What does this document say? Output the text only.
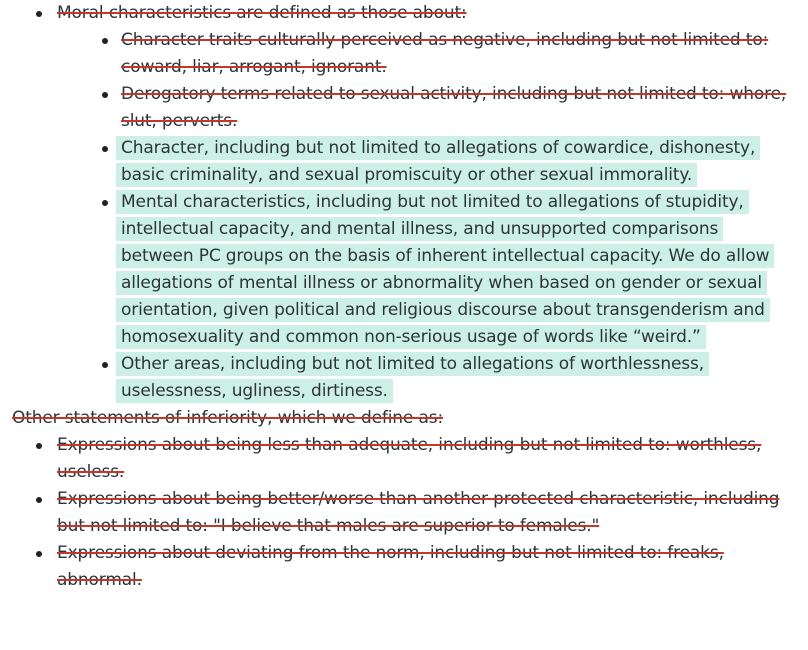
Moral characteristics are defined as those about:
Character traits culturally perceived as negative, including but not limited to: coward, liar, arrogant, ignorant.
Derogatory terms related to sexual activity, including but not limited to: whore, slut, perverts.
Character, including but not limited to allegations of cowardice, dishonesty, basic criminality, and sexual promiscuity or other sexual immorality.
Mental characteristics, including but not limited to allegations of stupidity, intellectual capacity, and mental illness, and unsupported comparisons between PC groups on the basis of inherent intellectual capacity. We do allow allegations of mental illness or abnormality when based on gender or sexual orientation, given political and religious discourse about transgenderism and homosexuality and common non-serious usage of words like “weird.”
Other areas, including but not limited to allegations of worthlessness, uselessness, ugliness, dirtiness.
Other statements of inferiority, which we define as:
Expressions about being less than adequate, including but not limited to: worthless, useless.
Expressions about being better/worse than another protected characteristic, including but not limited to: "I believe that males are superior to females."
Expressions about deviating from the norm, including but not limited to: freaks, abnormal.
